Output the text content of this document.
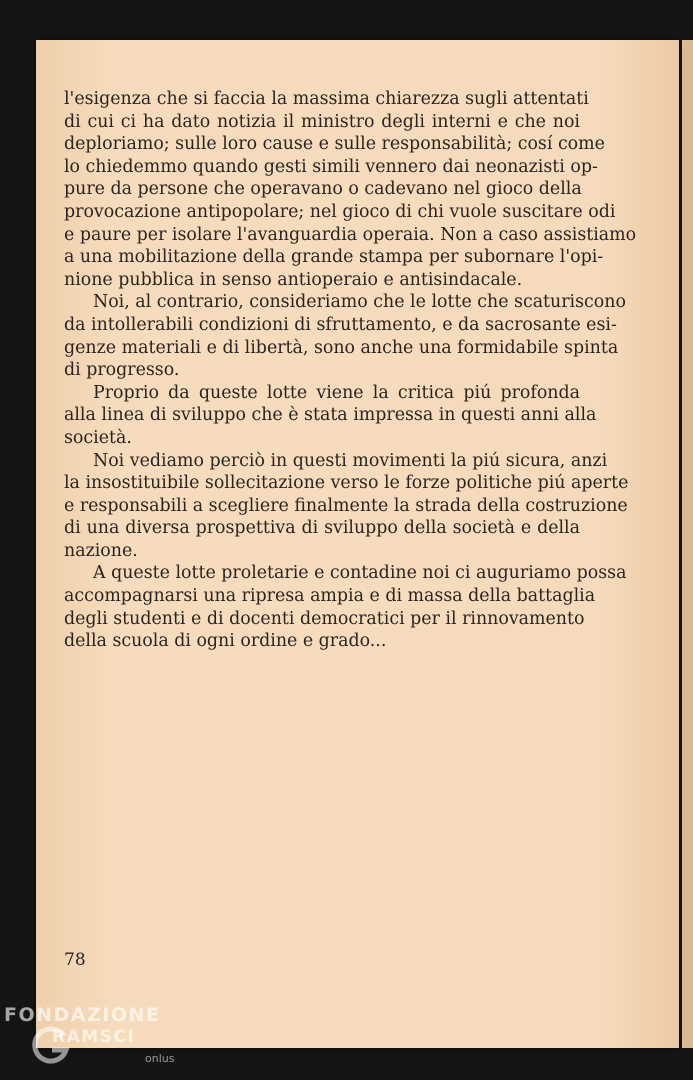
l'esigenza che si faccia la massima chiarezza sugli attentati
di cui ci ha dato notizia il ministro degli interni e che noi
deploriamo; sulle loro cause e sulle responsabilità; cosí come
lo chiedemmo quando gesti simili vennero dai neonazisti op-
pure da persone che operavano o cadevano nel gioco della
provocazione antipopolare; nel gioco di chi vuole suscitare odi
e paure per isolare l'avanguardia operaia. Non a caso assistiamo
a una mobilitazione della grande stampa per subornare l'opi-
nione pubblica in senso antioperaio e antisindacale.

Noi, al contrario, consideriamo che le lotte che scaturiscono
da intollerabili condizioni di sfruttamento, e da sacrosante esi-
genze materiali e di libertà, sono anche una formidabile spinta
di progresso.

Proprio da queste lotte viene la critica piú profonda
alla linea di sviluppo che è stata impressa in questi anni alla
società.

Noi vediamo perciò in questi movimenti la piú sicura, anzi
la insostituibile sollecitazione verso le forze politiche piú aperte
e responsabili a scegliere finalmente la strada della costruzione
di una diversa prospettiva di sviluppo della società e della
nazione.

A queste lotte proletarie e contadine noi ci auguriamo possa
accompagnarsi una ripresa ampia e di massa della battaglia
degli studenti e di docenti democratici per il rinnovamento
della scuola di ogni ordine e grado...

78
FONDAZIONE
RAMSCI
onlus
